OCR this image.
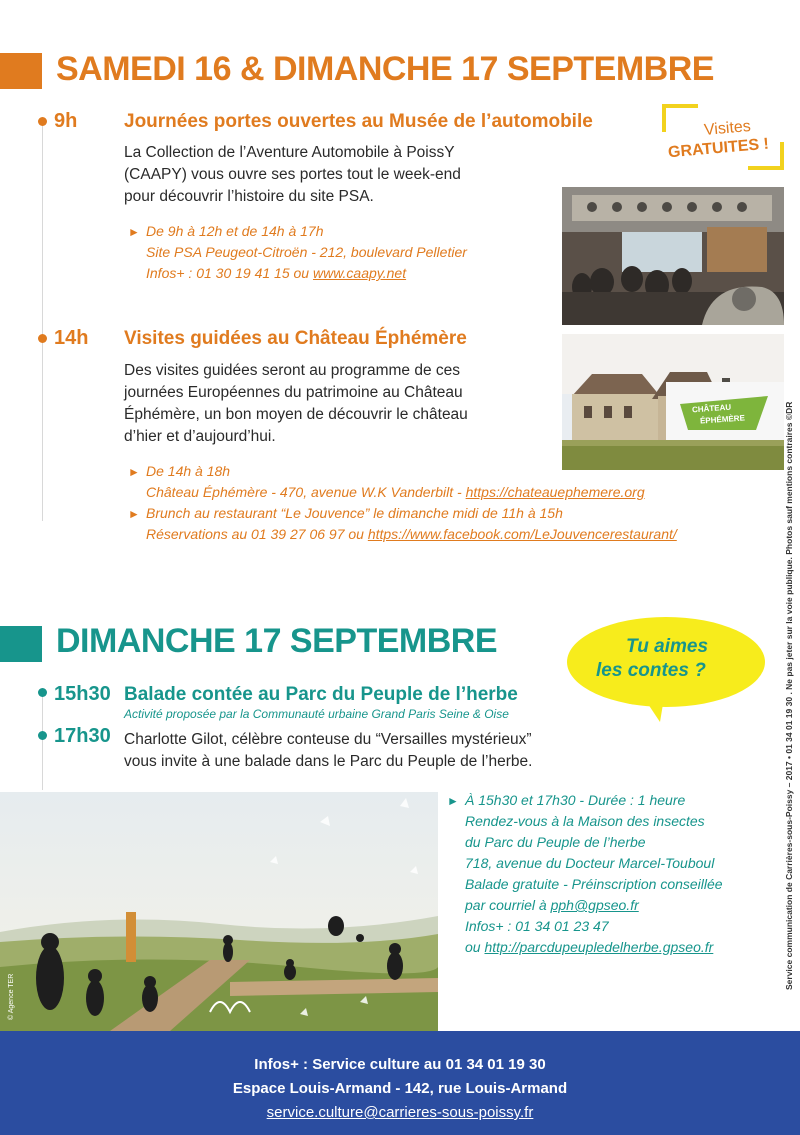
SAMEDI 16 & DIMANCHE 17 SEPTEMBRE
Visites
GRATUITES !
9h Journées portes ouvertes au Musée de l’automobile
La Collection de l’Aventure Automobile à PoissY
(CAAPY) vous ouvre ses portes tout le week-end
pour découvrir l’histoire du site PSA.
► De 9h à 12h et de 14h à 17h
Site PSA Peugeot-Citroën - 212, boulevard Pelletier
Infos+ : 01 30 19 41 15 ou www.caapy.net
14h Visites guidées au Château Éphémère
Des visites guidées seront au programme de ces
journées Européennes du patrimoine au Château
Éphémère, un bon moyen de découvrir le château
d’hier et d’aujourd’hui.
CHÂTEAU
ÉPHÉMÈRE
► De 14h à 18h
Château Éphémère - 470, avenue W.K Vanderbilt - https://chateauephemere.org
► Brunch au restaurant “Le Jouvence” le dimanche midi de 11h à 15h
Réservations au 01 39 27 06 97 ou https://www.facebook.com/LeJouvencerestaurant/
DIMANCHE 17 SEPTEMBRE	Tu aimes
les contes ?
15h30
17h30
Balade contée au Parc du Peuple de l’herbe
Activité proposée par la Communauté urbaine Grand Paris Seine & Oise
Charlotte Gilot, célèbre conteuse du “Versailles mystérieux”
vous invite à une balade dans le Parc du Peuple de l’herbe.
© Agence TER
► À 15h30 et 17h30 - Durée : 1 heure
Rendez-vous à la Maison des insectes
du Parc du Peuple de l’herbe
718, avenue du Docteur Marcel-Touboul
Balade gratuite - Préinscription conseillée
par courriel à pph@gpseo.fr
Infos+ : 01 34 01 23 47
ou http://parcdupeupledelherbe.gpseo.fr	Service communication de Carrières-sous-Poissy – 2017 • 01 34 01 19 30 . Ne pas jeter sur la voie publique. Photos sauf mentions contraires ©DR
Infos+ : Service culture au 01 34 01 19 30
Espace Louis-Armand - 142, rue Louis-Armand
service.culture@carrieres-sous-poissy.fr
